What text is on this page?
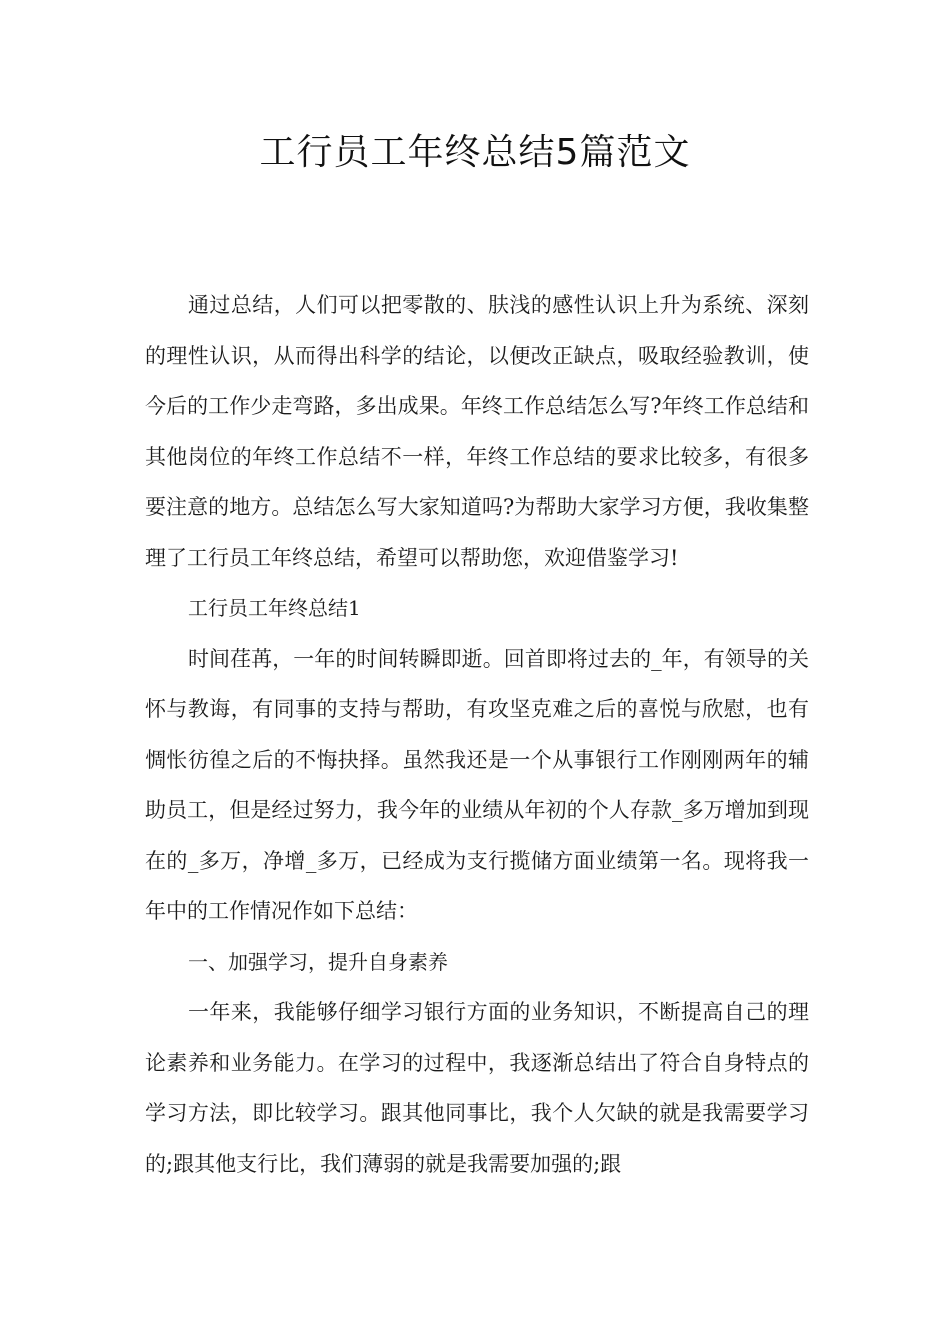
工行员工年终总结5篇范文

通过总结，人们可以把零散的、肤浅的感性认识上升为系统、深刻的理性认识，从而得出科学的结论，以便改正缺点，吸取经验教训，使今后的工作少走弯路，多出成果。年终工作总结怎么写?年终工作总结和其他岗位的年终工作总结不一样，年终工作总结的要求比较多，有很多要注意的地方。总结怎么写大家知道吗?为帮助大家学习方便，我收集整理了工行员工年终总结，希望可以帮助您，欢迎借鉴学习!

工行员工年终总结1

时间荏苒，一年的时间转瞬即逝。回首即将过去的_年，有领导的关怀与教诲，有同事的支持与帮助，有攻坚克难之后的喜悦与欣慰，也有惆怅彷徨之后的不悔抉择。虽然我还是一个从事银行工作刚刚两年的辅助员工，但是经过努力，我今年的业绩从年初的个人存款_多万增加到现在的_多万，净增_多万，已经成为支行揽储方面业绩第一名。现将我一年中的工作情况作如下总结：

一、加强学习，提升自身素养

一年来，我能够仔细学习银行方面的业务知识，不断提高自己的理论素养和业务能力。在学习的过程中，我逐渐总结出了符合自身特点的学习方法，即比较学习。跟其他同事比，我个人欠缺的就是我需要学习的;跟其他支行比，我们薄弱的就是我需要加强的;跟
